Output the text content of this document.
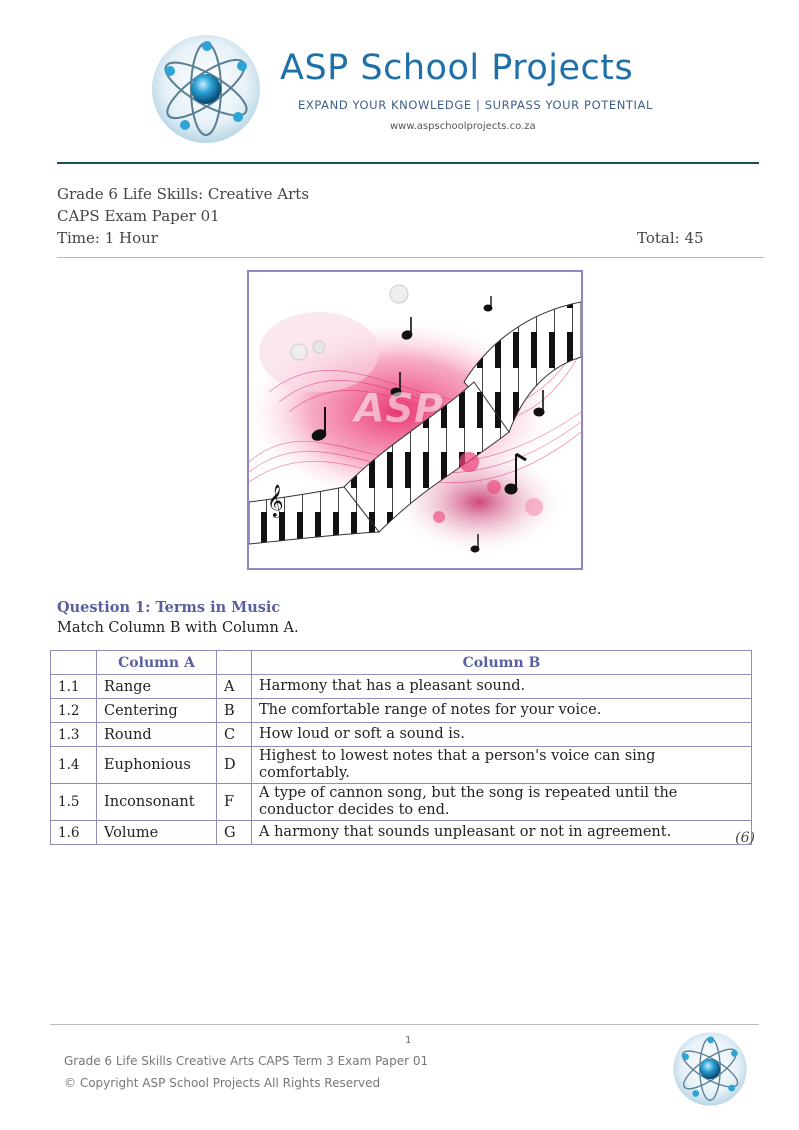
ASP School Projects
EXPAND YOUR KNOWLEDGE | SURPASS YOUR POTENTIAL
www.aspschoolprojects.co.za
Grade 6 Life Skills: Creative Arts
CAPS Exam Paper 01
Time: 1 Hour	Total: 45
𝄞
ASP
Question 1: Terms in Music
Match Column B with Column A.
	Column A		Column B
1.1	Range	A	Harmony that has a pleasant sound.
1.2	Centering	B	The comfortable range of notes for your voice.
1.3	Round	C	How loud or soft a sound is.
1.4	Euphonious	D	Highest to lowest notes that a person's voice can sing comfortably.
1.5	Inconsonant	F	A type of cannon song, but the song is repeated until the conductor decides to end.
1.6	Volume	G	A harmony that sounds unpleasant or not in agreement.	(6)
1
Grade 6 Life Skills Creative Arts CAPS Term 3 Exam Paper 01
© Copyright ASP School Projects All Rights Reserved
